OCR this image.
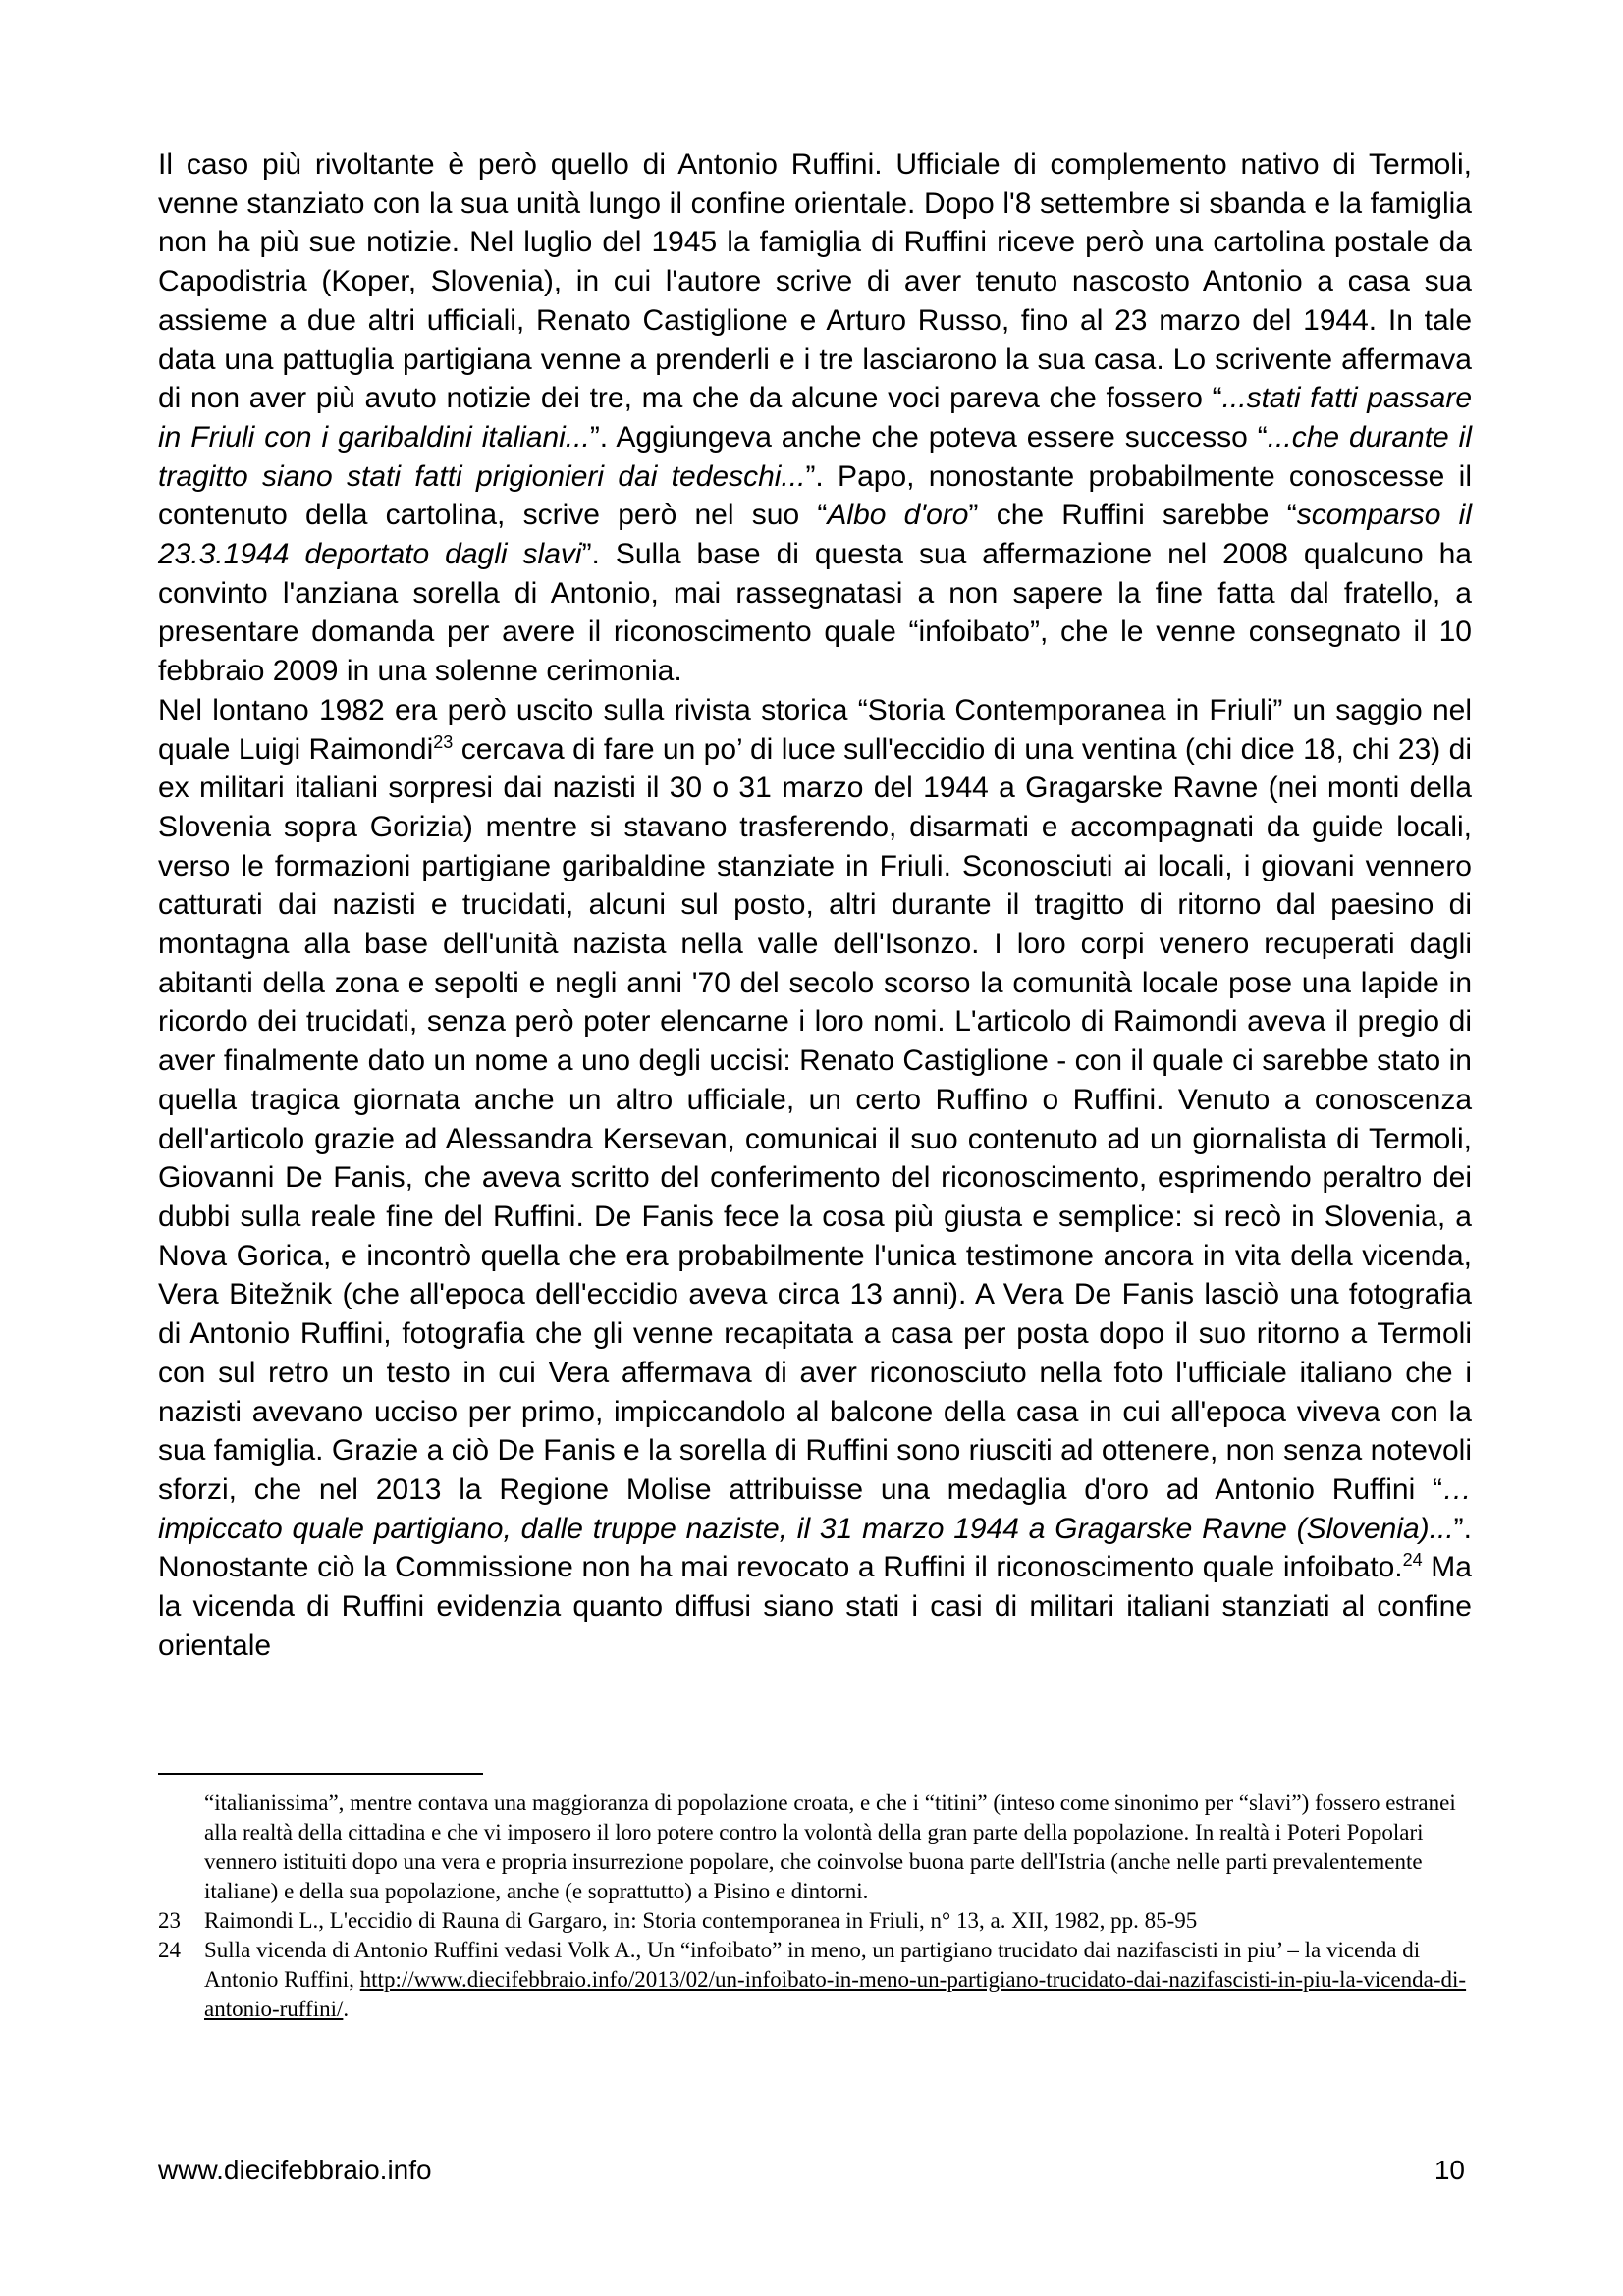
Il caso più rivoltante è però quello di Antonio Ruffini. Ufficiale di complemento nativo di Termoli, venne stanziato con la sua unità lungo il confine orientale. Dopo l'8 settembre si sbanda e la famiglia non ha più sue notizie. Nel luglio del 1945 la famiglia di Ruffini riceve però una cartolina postale da Capodistria (Koper, Slovenia), in cui l'autore scrive di aver tenuto nascosto Antonio a casa sua assieme a due altri ufficiali, Renato Castiglione e Arturo Russo, fino al 23 marzo del 1944. In tale data una pattuglia partigiana venne a prenderli e i tre lasciarono la sua casa. Lo scrivente affermava di non aver più avuto notizie dei tre, ma che da alcune voci pareva che fossero “...stati fatti passare in Friuli con i garibaldini italiani...”. Aggiungeva anche che poteva essere successo “...che durante il tragitto siano stati fatti prigionieri dai tedeschi...”. Papo, nonostante probabilmente conoscesse il contenuto della cartolina, scrive però nel suo “Albo d'oro” che Ruffini sarebbe “scomparso il 23.3.1944 deportato dagli slavi”. Sulla base di questa sua affermazione nel 2008 qualcuno ha convinto l'anziana sorella di Antonio, mai rassegnatasi a non sapere la fine fatta dal fratello, a presentare domanda per avere il riconoscimento quale “infoibato”, che le venne consegnato il 10 febbraio 2009 in una solenne cerimonia.

Nel lontano 1982 era però uscito sulla rivista storica “Storia Contemporanea in Friuli” un saggio nel quale Luigi Raimondi$^{23}$ cercava di fare un po’ di luce sull'eccidio di una ventina (chi dice 18, chi 23) di ex militari italiani sorpresi dai nazisti il 30 o 31 marzo del 1944 a Gragarske Ravne (nei monti della Slovenia sopra Gorizia) mentre si stavano trasferendo, disarmati e accompagnati da guide locali, verso le formazioni partigiane garibaldine stanziate in Friuli. Sconosciuti ai locali, i giovani vennero catturati dai nazisti e trucidati, alcuni sul posto, altri durante il tragitto di ritorno dal paesino di montagna alla base dell'unità nazista nella valle dell'Isonzo. I loro corpi venero recuperati dagli abitanti della zona e sepolti e negli anni '70 del secolo scorso la comunità locale pose una lapide in ricordo dei trucidati, senza però poter elencarne i loro nomi. L'articolo di Raimondi aveva il pregio di aver finalmente dato un nome a uno degli uccisi: Renato Castiglione - con il quale ci sarebbe stato in quella tragica giornata anche un altro ufficiale, un certo Ruffino o Ruffini. Venuto a conoscenza dell'articolo grazie ad Alessandra Kersevan, comunicai il suo contenuto ad un giornalista di Termoli, Giovanni De Fanis, che aveva scritto del conferimento del riconoscimento, esprimendo peraltro dei dubbi sulla reale fine del Ruffini. De Fanis fece la cosa più giusta e semplice: si recò in Slovenia, a Nova Gorica, e incontrò quella che era probabilmente l'unica testimone ancora in vita della vicenda, Vera Bitežnik (che all'epoca dell'eccidio aveva circa 13 anni). A Vera De Fanis lasciò una fotografia di Antonio Ruffini, fotografia che gli venne recapitata a casa per posta dopo il suo ritorno a Termoli con sul retro un testo in cui Vera affermava di aver riconosciuto nella foto l'ufficiale italiano che i nazisti avevano ucciso per primo, impiccandolo al balcone della casa in cui all'epoca viveva con la sua famiglia. Grazie a ciò De Fanis e la sorella di Ruffini sono riusciti ad ottenere, non senza notevoli sforzi, che nel 2013 la Regione Molise attribuisse una medaglia d'oro ad Antonio Ruffini “… impiccato quale partigiano, dalle truppe naziste, il 31 marzo 1944 a Gragarske Ravne (Slovenia)...”. Nonostante ciò la Commissione non ha mai revocato a Ruffini il riconoscimento quale infoibato.$^{24}$ Ma la vicenda di Ruffini evidenzia quanto diffusi siano stati i casi di militari italiani stanziati al confine orientale

“italianissima”, mentre contava una maggioranza di popolazione croata, e che i “titini” (inteso come sinonimo per “slavi”) fossero estranei alla realtà della cittadina e che vi imposero il loro potere contro la volontà della gran parte della popolazione. In realtà i Poteri Popolari vennero istituiti dopo una vera e propria insurrezione popolare, che coinvolse buona parte dell'Istria (anche nelle parti prevalentemente italiane) e della sua popolazione, anche (e soprattutto) a Pisino e dintorni.

23 Raimondi L., L'eccidio di Rauna di Gargaro, in: Storia contemporanea in Friuli, n° 13, a. XII, 1982, pp. 85-95

24 Sulla vicenda di Antonio Ruffini vedasi Volk A., Un “infoibato” in meno, un partigiano trucidato dai nazifascisti in piu’ – la vicenda di Antonio Ruffini, http://www.diecifebbraio.info/2013/02/un-infoibato-in-meno-un-partigiano-trucidato-dai-nazifascisti-in-piu-la-vicenda-di-antonio-ruffini/.

www.diecifebbraio.info	10
